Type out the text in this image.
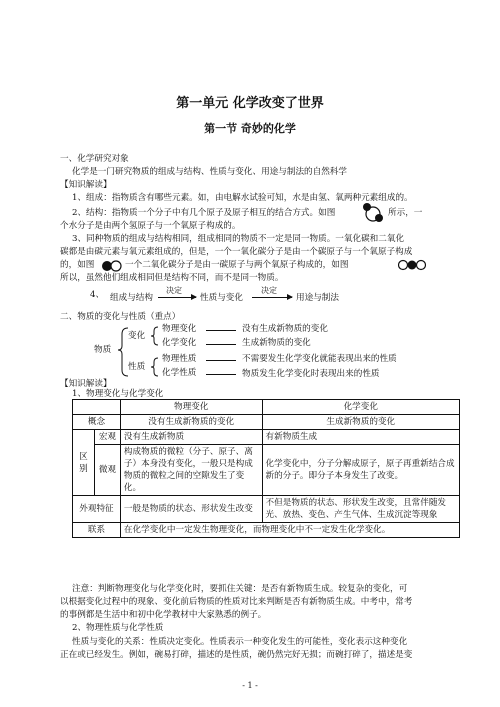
第一单元 化学改变了世界
第一节 奇妙的化学
一、化学研究对象
化学是一门研究物质的组成与结构、性质与变化、用途与制法的自然科学
【知识解读】
1、组成：指物质含有哪些元素。如，由电解水试验可知，水是由氢、氧两种元素组成的。
2、结构：指物质一个分子中有几个原子及原子相互的结合方式。如图	所示，一
个水分子是由两个氢原子与一个氧原子构成的。
3、同种物质的组成与结构相同，组成相同的物质不一定是同一物质。一氧化碳和二氧化
碳都是由碳元素与氧元素组成的，但是，一个一氧化碳分子是由一个碳原子与一个氧原子构成
的，如图	一个二氧化碳分子是由一碳原子与两个氧原子构成的，如图
所以，虽然他们组成相同但是结构不同，而不是同一物质。
4、 组成与结构
决定
性质与变化
决定
用途与制法
二、物质的变化与性质（重点）
物质
变化
性质
物理变化	没有生成新物质的变化
化学变化	生成新物质的变化
物理性质	不需要发生化学变化就能表现出来的性质
化学性质	物质发生化学变化时表现出来的性质
【知识解读】
1、物理变化与化学变化
		物理变化	化学变化
概念		没有生成新物质的变化	生成新物质的变化
区别	宏观	没有生成新物质	有新物质生成
	微观	构成物质的微粒（分子、原子、离子）本身没有变化，一般只是构成物质的微粒之间的空隙发生了变化。	化学变化中，分子分解成原子，原子再重新结合成新的分子。即分子本身发生了改变。
外观特征		一般是物质的状态、形状发生改变	不但是物质的状态、形状发生改变，且常伴随发光、放热、变色、产生气体、生成沉淀等现象
联系		在化学变化中一定发生物理变化，而物理变化中不一定发生化学变化。	
注意：判断物理变化与化学变化时，要抓住关键：是否有新物质生成。较复杂的变化，可
以根据变化过程中的现象、变化前后物质的性质对比来判断是否有新物质生成。中考中，常考
的事例都是生活中和初中化学教材中大家熟悉的例子。
2、物理性质与化学性质
性质与变化的关系：性质决定变化。性质表示一种变化发生的可能性，变化表示这种变化
正在或已经发生。例如，碗易打碎，描述的是性质，碗仍然完好无损；而碗打碎了，描述是变
- 1 -
